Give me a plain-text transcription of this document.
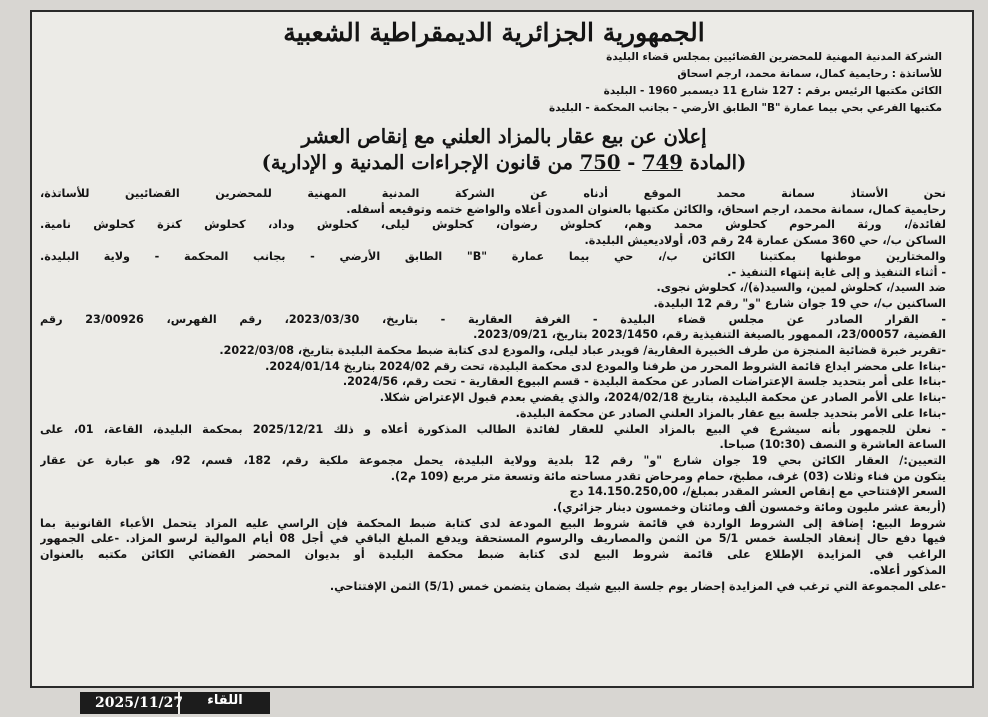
الجمهورية الجزائرية الديمقراطية الشعبية
الشركة المدنية المهنية للمحضرين القضائيين بمجلس قضاء البليدة
للأساتذة : رحايمية كمال، سمانة محمد، ارجم اسحاق
الكائن مكتبها الرئيس برقم : 127 شارع 11 ديسمبر 1960 - البليدة
مكتبها الفرعي بحي بيما عمارة "B" الطابق الأرضي - بجانب المحكمة - البليدة
إعلان عن بيع عقار بالمزاد العلني مع إنقاص العشر
(المادة 749 - 750 من قانون الإجراءات المدنية و الإدارية)
نحن الأستاذ سمانة محمد الموقع أدناه عن الشركة المدنية المهنية للمحضرين القضائيين للأساتذة،
رحايمية كمال، سمانة محمد، ارجم اسحاق، والكائن مكتبها بالعنوان المدون أعلاه والواضع ختمه وتوقيعه أسفله.
لفائدة/، ورثة المرحوم كحلوش محمد وهم، كحلوش رضوان، كحلوش ليلى، كحلوش وداد، كحلوش كنزة كحلوش نامية.
الساكن ب/، حي 360 مسكن عمارة 24 رقم 03، أولاديعيش البليدة.
والمختارين موطنها بمكتبنا الكائن ب/، حي بيما عمارة "B" الطابق الأرضي - بجانب المحكمة - ولاية البليدة.
- أثناء التنفيذ و إلى غاية إنتهاء التنفيذ -.
ضد السيد/، كحلوش لمين، والسيد(ة)/، كحلوش نجوى.
الساكنين ب/، حي 19 جوان شارع "و" رقم 12 البليدة.
- القرار الصادر عن مجلس قضاء البليدة - الغرفة العقارية - بتاريخ، 2023/03/30، رقم الفهرس، 23/00926 رقم
القضية، 23/00057، الممهور بالصيغة التنفيذية رقم، 2023/1450 بتاريخ، 2023/09/21.
-تقرير خبرة قضائية المنجزة من طرف الخبيرة العقارية/ قويدر عباد ليلى، والمودع لدى كتابة ضبط محكمة البليدة بتاريخ، 2022/03/08.
-بناءا على محضر ايداع قائمة الشروط المحرر من طرفنا والمودع لدى محكمة البليدة، تحت رقم 2024/02 بتاريخ 2024/01/14.
-بناءا على أمر بتحديد جلسة الإعتراضات الصادر عن محكمة البليدة - قسم البيوع العقارية - تحت رقم، 2024/56.
-بناءا على الأمر الصادر عن محكمة البليدة، بتاريخ 2024/02/18، والذي يقضي بعدم قبول الإعتراض شكلا.
-بناءا على الأمر بتحديد جلسة بيع عقار بالمزاد العلني الصادر عن محكمة البليدة.
- نعلن للجمهور بأنه سيشرع في البيع بالمزاد العلني للعقار لفائدة الطالب المذكورة أعلاه و ذلك 2025/12/21 بمحكمة البليدة، القاعة، 01، على
الساعة العاشرة و النصف (10:30) صباحا.
التعيين:/ العقار الكائن بحي 19 جوان شارع "و" رقم 12 بلدية وولاية البليدة، يحمل مجموعة ملكية رقم، 182، قسم، 92، هو عبارة عن عقار
يتكون من فناء وثلاث (03) غرف، مطبخ، حمام ومرحاض تقدر مساحته مائة وتسعة متر مربع (109 م2).
السعر الإفتتاحي مع إنقاص العشر المقدر بمبلغ/، 14.150.250,00 دج
(أربعة عشر مليون ومائة وخمسون ألف ومائتان وخمسون دينار جزائري).
شروط البيع: إضافة إلى الشروط الواردة في قائمة شروط البيع المودعة لدى كتابة ضبط المحكمة فإن الراسي عليه المزاد يتحمل الأعباء القانونية بما
فيها دفع حال إنعقاد الجلسة خمس 5/1 من الثمن والمصاريف والرسوم المستحقة ويدفع المبلغ الباقي في أجل 08 أيام الموالية لرسو المزاد. -على الجمهور
الراغب في المزايدة الإطلاع على قائمة شروط البيع لدى كتابة ضبط محكمة البليدة أو بديوان المحضر القضائي الكائن مكتبه بالعنوان
المذكور أعلاه.
-على المجموعة التي ترغب في المزايدة إحضار يوم جلسة البيع شيك بضمان يتضمن خمس (5/1) الثمن الإفتتاحي.
2025/11/27	اللقاء
